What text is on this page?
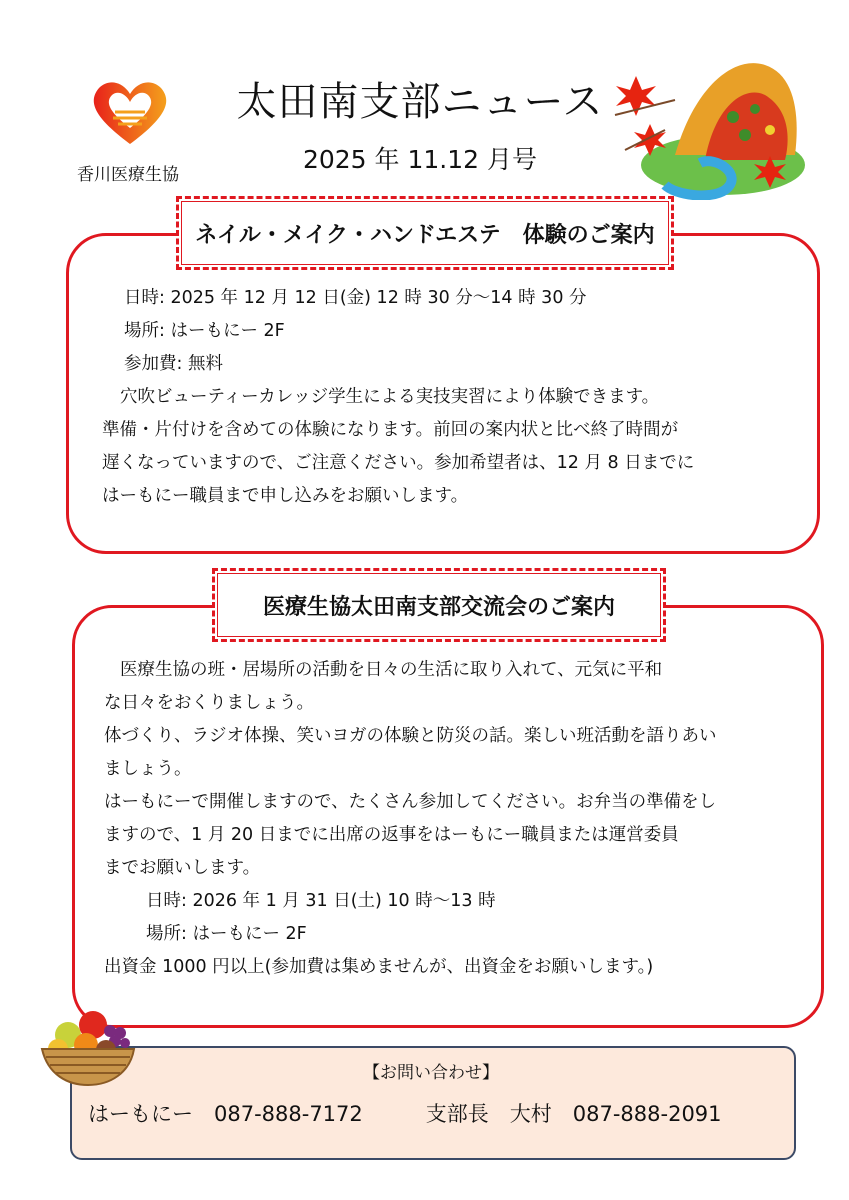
香川医療生協
太田南支部ニュース
2025 年 11.12 月号
ネイル・メイク・ハンドエステ　体験のご案内
日時: 2025 年 12 月 12 日(金) 12 時 30 分～14 時 30 分
場所: はーもにー 2F
参加費: 無料
穴吹ビューティーカレッジ学生による実技実習により体験できます。
準備・片付けを含めての体験になります。前回の案内状と比べ終了時間が
遅くなっていますので、ご注意ください。参加希望者は、12 月 8 日までに
はーもにー職員まで申し込みをお願いします。
医療生協太田南支部交流会のご案内
医療生協の班・居場所の活動を日々の生活に取り入れて、元気に平和
な日々をおくりましょう。
体づくり、ラジオ体操、笑いヨガの体験と防災の話。楽しい班活動を語りあい
ましょう。
はーもにーで開催しますので、たくさん参加してください。お弁当の準備をし
ますので、1 月 20 日までに出席の返事をはーもにー職員または運営委員
までお願いします。
日時: 2026 年 1 月 31 日(土) 10 時～13 時
場所: はーもにー 2F
出資金 1000 円以上(参加費は集めませんが、出資金をお願いします。)
【お問い合わせ】
はーもにー　087-888-7172　　　支部長　大村　087-888-2091
